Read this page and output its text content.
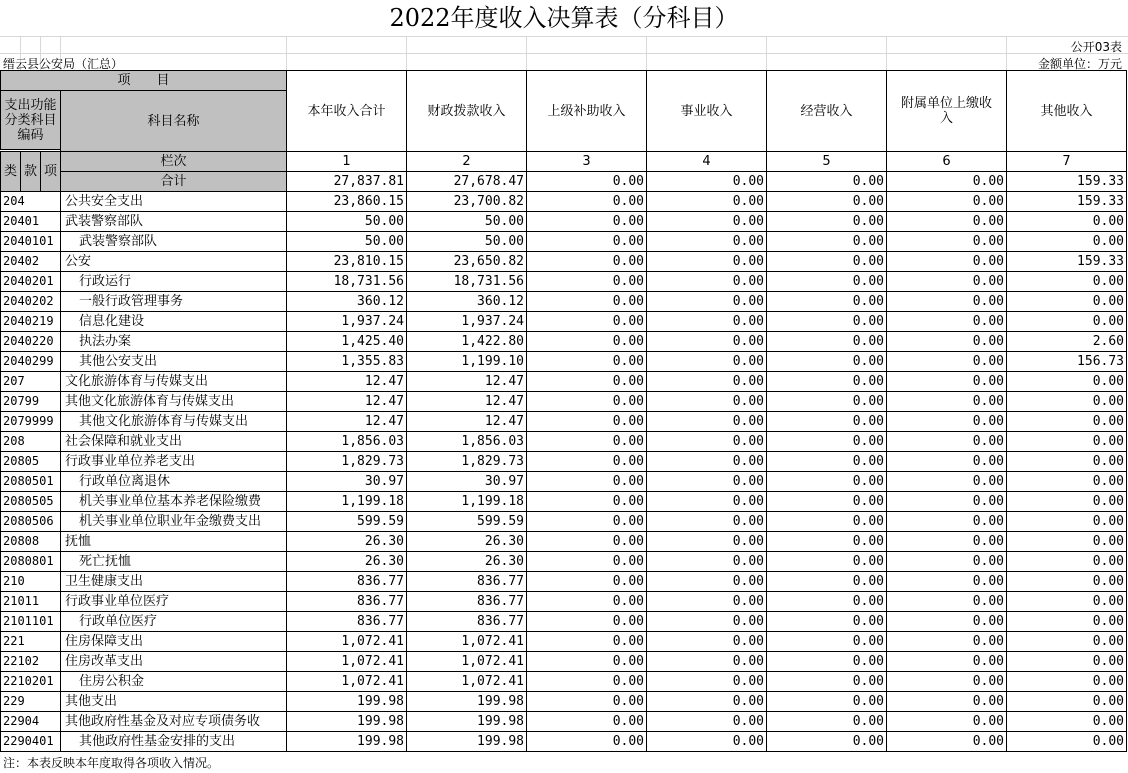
2022年度收入决算表（分科目）
公开03表
缙云县公安局（汇总）	金额单位：万元
项　　目				本年收入合计	财政拨款收入	上级补助收入	事业收入	经营收入	附属单位上缴收入	其他收入
支出功能分类科目编码			科目名称							

类	款	项	栏次	1	2	3	4	5	6	7
			合计	27,837.81	27,678.47	0.00	0.00	0.00	0.00	159.33
204			公共安全支出	23,860.15	23,700.82	0.00	0.00	0.00	0.00	159.33
20401			武装警察部队	50.00	50.00	0.00	0.00	0.00	0.00	0.00
2040101			武装警察部队	50.00	50.00	0.00	0.00	0.00	0.00	0.00
20402			公安	23,810.15	23,650.82	0.00	0.00	0.00	0.00	159.33
2040201			行政运行	18,731.56	18,731.56	0.00	0.00	0.00	0.00	0.00
2040202			一般行政管理事务	360.12	360.12	0.00	0.00	0.00	0.00	0.00
2040219			信息化建设	1,937.24	1,937.24	0.00	0.00	0.00	0.00	0.00
2040220			执法办案	1,425.40	1,422.80	0.00	0.00	0.00	0.00	2.60
2040299			其他公安支出	1,355.83	1,199.10	0.00	0.00	0.00	0.00	156.73
207			文化旅游体育与传媒支出	12.47	12.47	0.00	0.00	0.00	0.00	0.00
20799			其他文化旅游体育与传媒支出	12.47	12.47	0.00	0.00	0.00	0.00	0.00
2079999			其他文化旅游体育与传媒支出	12.47	12.47	0.00	0.00	0.00	0.00	0.00
208			社会保障和就业支出	1,856.03	1,856.03	0.00	0.00	0.00	0.00	0.00
20805			行政事业单位养老支出	1,829.73	1,829.73	0.00	0.00	0.00	0.00	0.00
2080501			行政单位离退休	30.97	30.97	0.00	0.00	0.00	0.00	0.00
2080505			机关事业单位基本养老保险缴费	1,199.18	1,199.18	0.00	0.00	0.00	0.00	0.00
2080506			机关事业单位职业年金缴费支出	599.59	599.59	0.00	0.00	0.00	0.00	0.00
20808			抚恤	26.30	26.30	0.00	0.00	0.00	0.00	0.00
2080801			死亡抚恤	26.30	26.30	0.00	0.00	0.00	0.00	0.00
210			卫生健康支出	836.77	836.77	0.00	0.00	0.00	0.00	0.00
21011			行政事业单位医疗	836.77	836.77	0.00	0.00	0.00	0.00	0.00
2101101			行政单位医疗	836.77	836.77	0.00	0.00	0.00	0.00	0.00
221			住房保障支出	1,072.41	1,072.41	0.00	0.00	0.00	0.00	0.00
22102			住房改革支出	1,072.41	1,072.41	0.00	0.00	0.00	0.00	0.00
2210201			住房公积金	1,072.41	1,072.41	0.00	0.00	0.00	0.00	0.00
229			其他支出	199.98	199.98	0.00	0.00	0.00	0.00	0.00
22904			其他政府性基金及对应专项债务收	199.98	199.98	0.00	0.00	0.00	0.00	0.00
2290401			其他政府性基金安排的支出	199.98	199.98	0.00	0.00	0.00	0.00	0.00
注：本表反映本年度取得各项收入情况。
